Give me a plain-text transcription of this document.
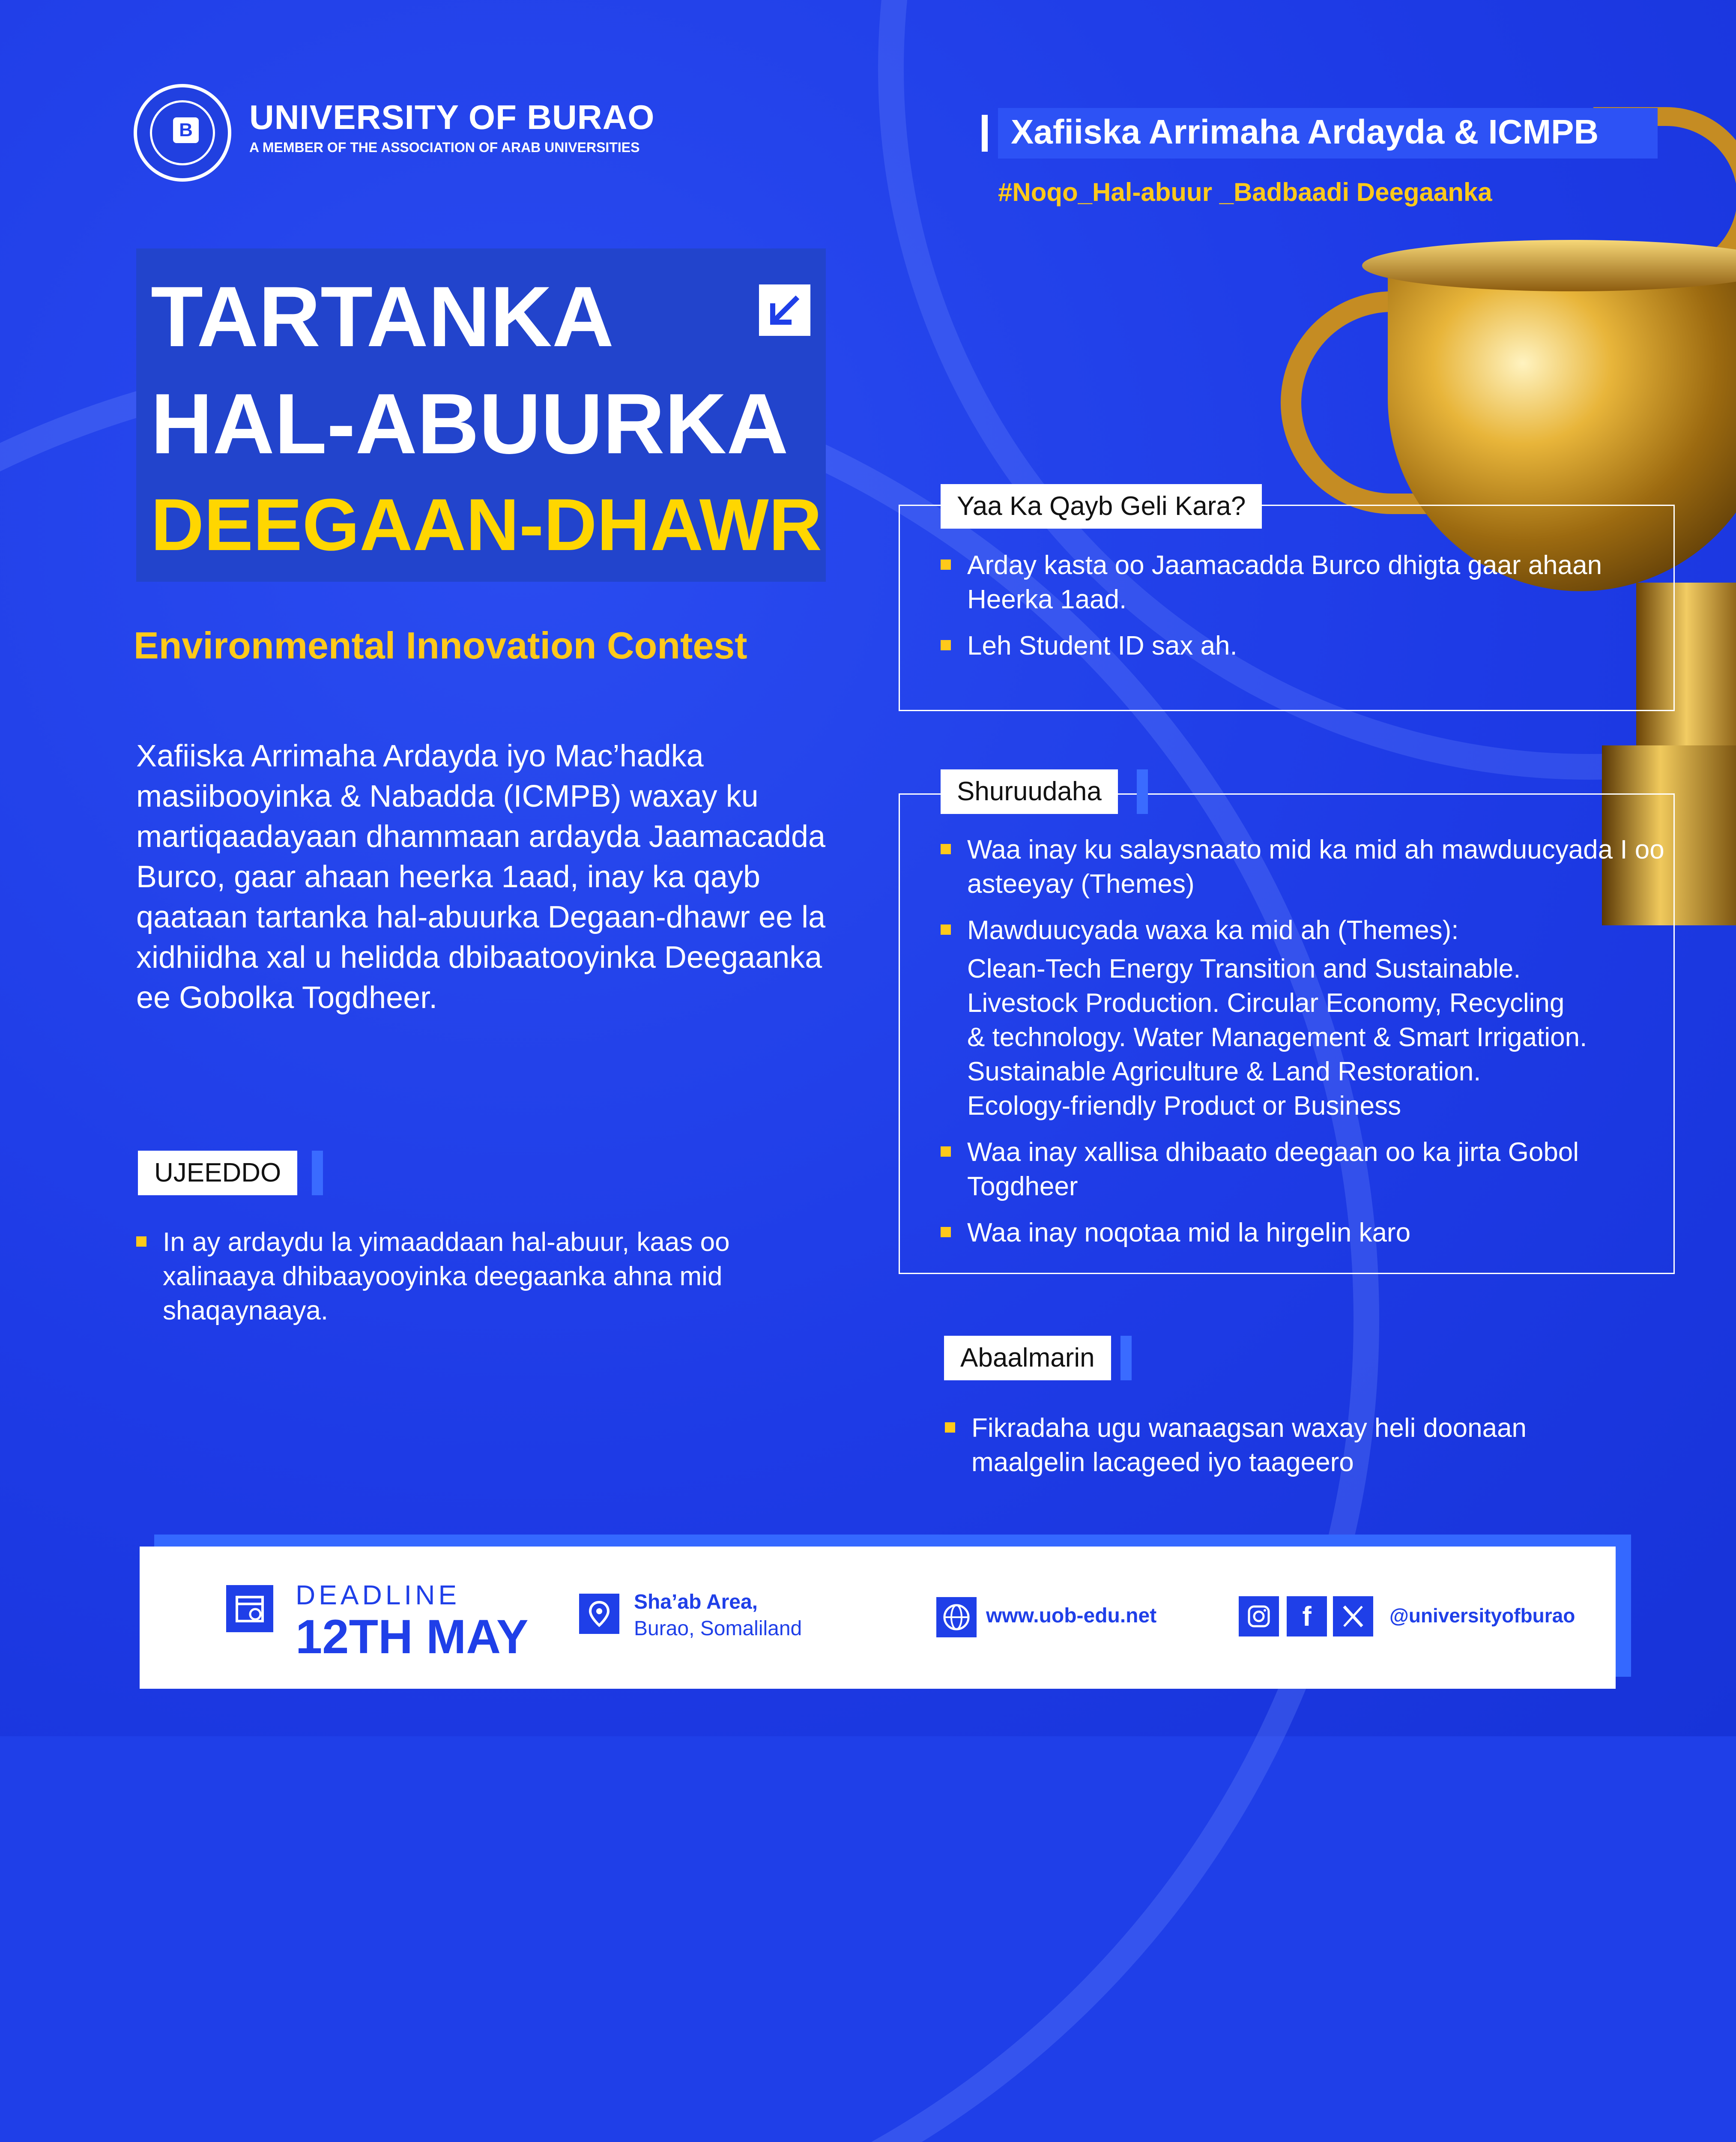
B UNIVERSITY OF BURAO
A MEMBER OF THE ASSOCIATION OF ARAB UNIVERSITIES	Xafiiska Arrimaha Ardayda & ICMPB
#Noqo_Hal-abuur _Badbaadi Deegaanka
TARTANKA
HAL-ABUURKA
DEEGAAN-DHAWR
Environmental Innovation Contest
Xafiiska Arrimaha Ardayda iyo Mac’hadka masiibooyinka & Nabadda (ICMPB) waxay ku martiqaadayaan dhammaan ardayda Jaamacadda Burco, gaar ahaan heerka 1aad, inay ka qayb qaataan tartanka hal-abuurka Degaan-dhawr ee la xidhiidha xal u helidda dbibaatooyinka Deegaanka ee Gobolka Togdheer.
UJEEDDO
In ay ardaydu la yimaaddaan hal-abuur, kaas oo xalinaaya dhibaayooyinka deegaanka ahna mid shaqaynaaya.
Yaa Ka Qayb Geli Kara?
Arday kasta oo Jaamacadda Burco dhigta gaar ahaan Heerka 1aad.
Leh Student ID sax ah.
Shuruudaha
Waa inay ku salaysnaato mid ka mid ah mawduucyada I oo asteeyay (Themes)
Mawduucyada waxa ka mid ah (Themes):
Clean-Tech Energy Transition and Sustainable.
Livestock Production. Circular Economy, Recycling
& technology. Water Management & Smart Irrigation.
Sustainable Agriculture & Land Restoration.
Ecology-friendly Product or Business
Waa inay xallisa dhibaato deegaan oo ka jirta Gobol Togdheer
Waa inay noqotaa mid la hirgelin karo
Abaalmarin
Fikradaha ugu wanaagsan waxay heli doonaan maalgelin lacageed iyo taageero
DEADLINE
12TH MAY
Sha’ab Area,
Burao, Somaliland
www.uob-edu.net	f	@universityofburao
